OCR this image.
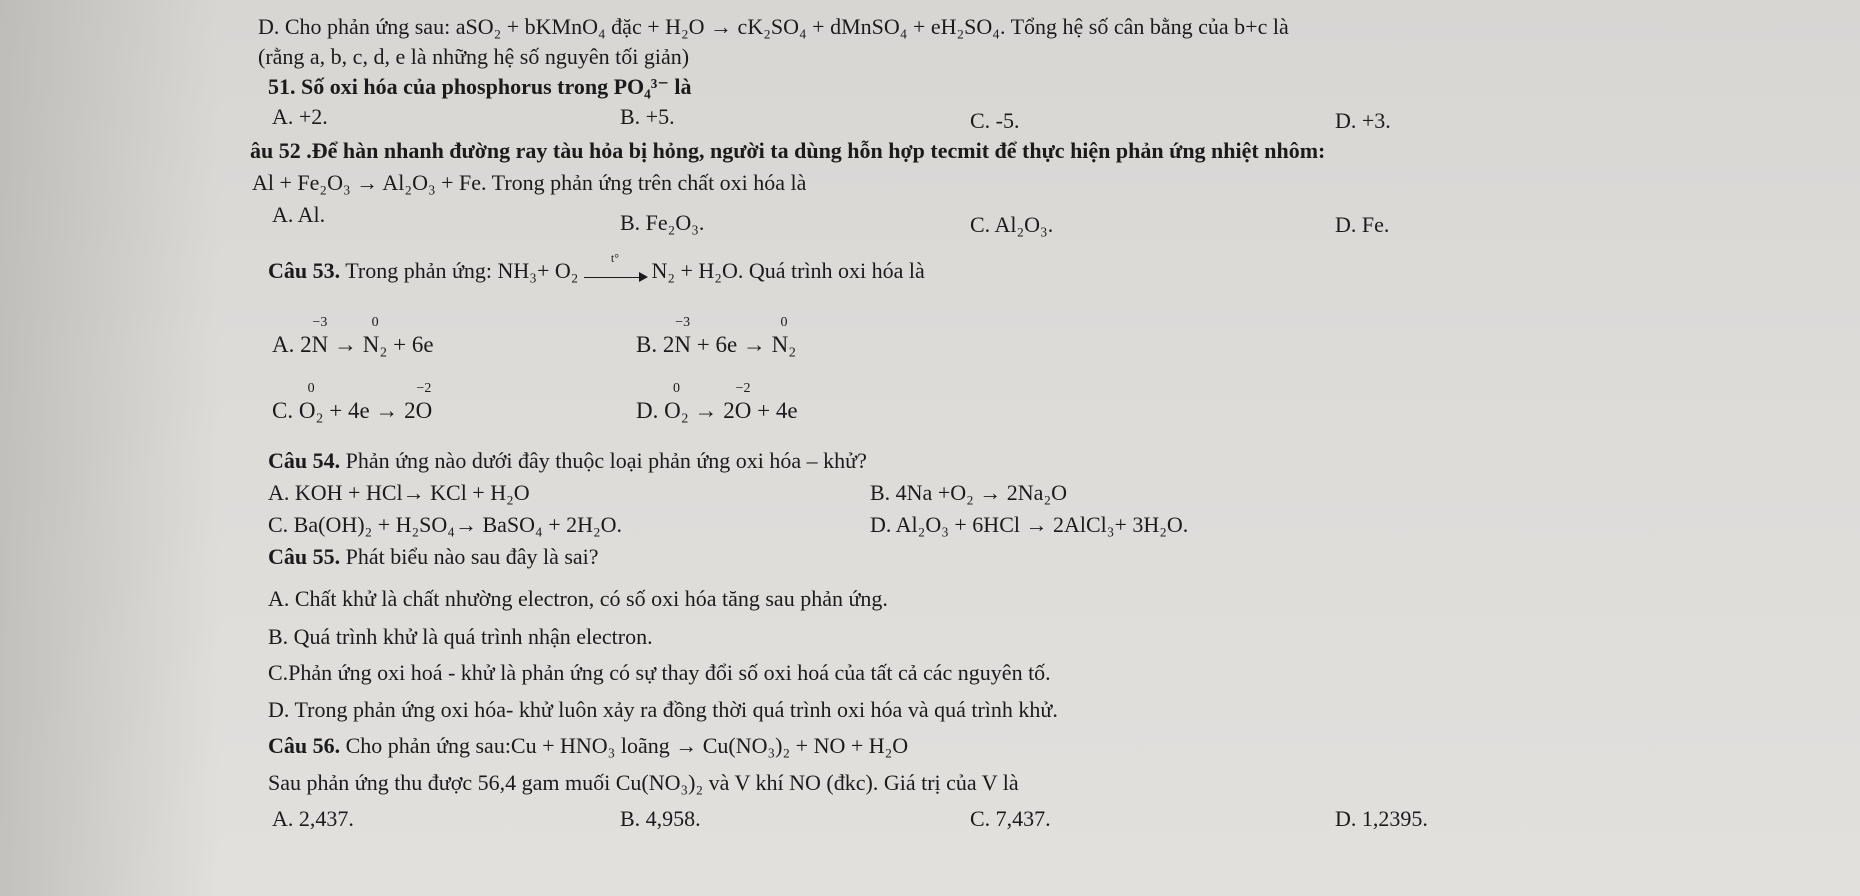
D. Cho phản ứng sau: aSO₂ + bKMnO₄ đặc + H₂O → cK₂SO₄ + dMnSO₄ + eH₂SO₄. Tổng hệ số cân bằng của b+c là
(rằng a, b, c, d, e là những hệ số nguyên tối giản)
51. Số oxi hóa của phosphorus trong PO₄³⁻ là
A. +2.	B. +5.	C. -5.	D. +3.
âu 52 .Để hàn nhanh đường ray tàu hỏa bị hỏng, người ta dùng hỗn hợp tecmit để thực hiện phản ứng nhiệt nhôm:
Al + Fe₂O₃ → Al₂O₃ + Fe. Trong phản ứng trên chất oxi hóa là
A. Al.	B. Fe₂O₃.	C. Al₂O₃.	D. Fe.
Câu 53. Trong phản ứng: NH₃+ O₂	t°	N₂ + H₂O. Quá trình oxi hóa là
A. 2
−3
N →
0
N₂ + 6e	B. 2
−3
N + 6e →
0
N₂
C.
0
O₂ + 4e → 2
−2
O	D.
0
O₂ → 2
−2
O + 4e
Câu 54. Phản ứng nào dưới đây thuộc loại phản ứng oxi hóa – khử?
A. KOH + HCl→ KCl + H₂O	B. 4Na +O₂ → 2Na₂O
C. Ba(OH)₂ + H₂SO₄→ BaSO₄ + 2H₂O.	D. Al₂O₃ + 6HCl → 2AlCl₃+ 3H₂O.
Câu 55. Phát biểu nào sau đây là sai?
A. Chất khử là chất nhường electron, có số oxi hóa tăng sau phản ứng.
B. Quá trình khử là quá trình nhận electron.
C.Phản ứng oxi hoá - khử là phản ứng có sự thay đổi số oxi hoá của tất cả các nguyên tố.
D. Trong phản ứng oxi hóa- khử luôn xảy ra đồng thời quá trình oxi hóa và quá trình khử.
Câu 56. Cho phản ứng sau:Cu + HNO₃ loãng → Cu(NO₃)₂ + NO + H₂O
Sau phản ứng thu được 56,4 gam muối Cu(NO₃)₂ và V khí NO (đkc). Giá trị của V là
A. 2,437.	B. 4,958.	C. 7,437.	D. 1,2395.
